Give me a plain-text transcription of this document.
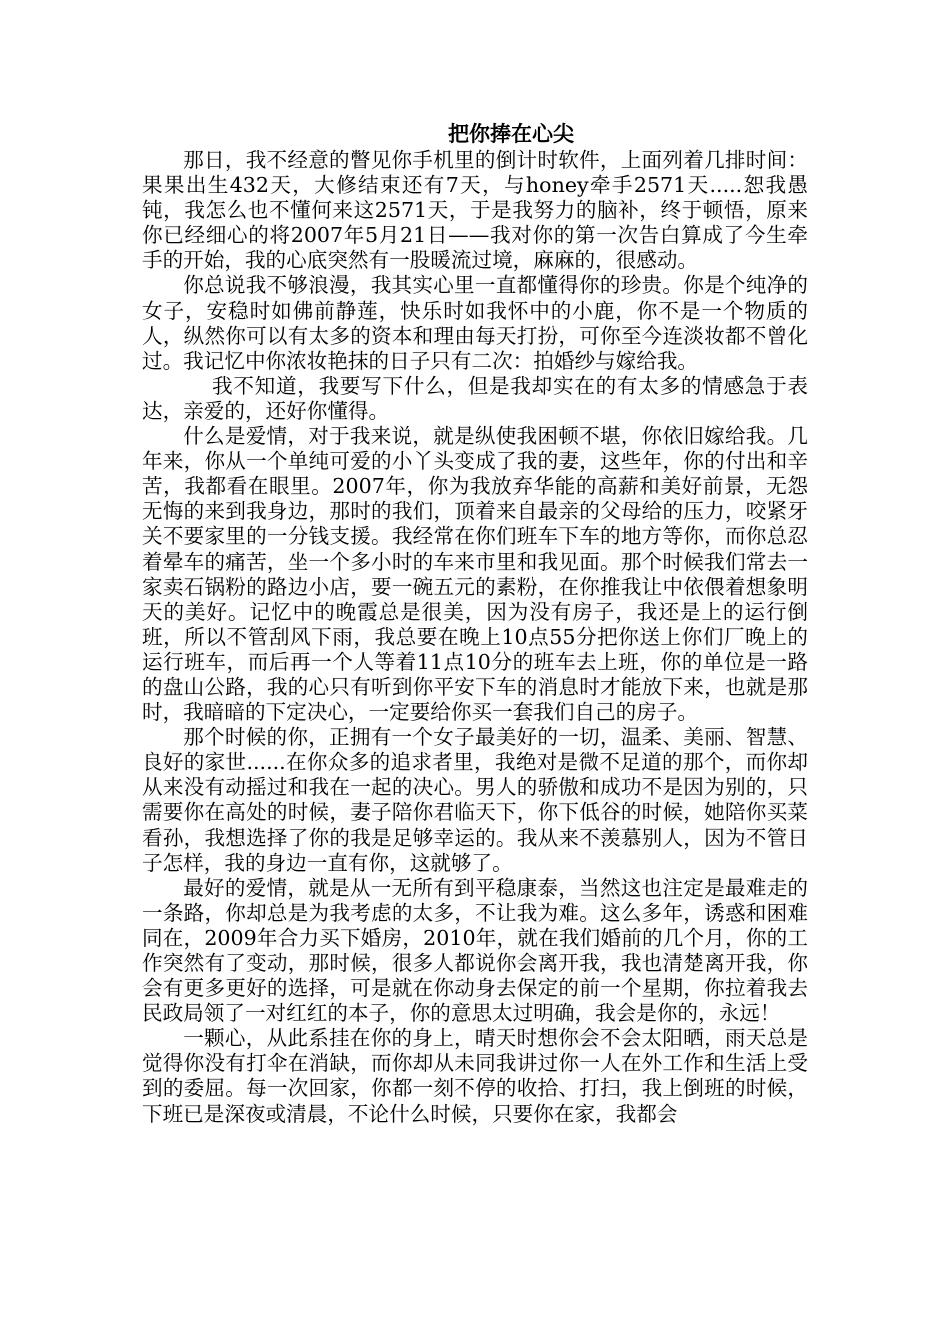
把你捧在心尖

那日，我不经意的瞥见你手机里的倒计时软件，上面列着几排时间：果果出生432天，大修结束还有7天，与honey牵手2571天.....恕我愚钝，我怎么也不懂何来这2571天，于是我努力的脑补，终于顿悟，原来你已经细心的将2007年5月21日——我对你的第一次告白算成了今生牵手的开始，我的心底突然有一股暖流过境，麻麻的，很感动。

你总说我不够浪漫，我其实心里一直都懂得你的珍贵。你是个纯净的女子，安稳时如佛前静莲，快乐时如我怀中的小鹿，你不是一个物质的人，纵然你可以有太多的资本和理由每天打扮，可你至今连淡妆都不曾化过。我记忆中你浓妆艳抹的日子只有二次：拍婚纱与嫁给我。

我不知道，我要写下什么，但是我却实在的有太多的情感急于表达，亲爱的，还好你懂得。

什么是爱情，对于我来说，就是纵使我困顿不堪，你依旧嫁给我。几年来，你从一个单纯可爱的小丫头变成了我的妻，这些年，你的付出和辛苦，我都看在眼里。2007年，你为我放弃华能的高薪和美好前景，无怨无悔的来到我身边，那时的我们，顶着来自最亲的父母给的压力，咬紧牙关不要家里的一分钱支援。我经常在你们班车下车的地方等你，而你总忍着晕车的痛苦，坐一个多小时的车来市里和我见面。那个时候我们常去一家卖石锅粉的路边小店，要一碗五元的素粉，在你推我让中依偎着想象明天的美好。记忆中的晚霞总是很美，因为没有房子，我还是上的运行倒班，所以不管刮风下雨，我总要在晚上10点55分把你送上你们厂晚上的运行班车，而后再一个人等着11点10分的班车去上班，你的单位是一路的盘山公路，我的心只有听到你平安下车的消息时才能放下来，也就是那时，我暗暗的下定决心，一定要给你买一套我们自己的房子。

那个时候的你，正拥有一个女子最美好的一切，温柔、美丽、智慧、良好的家世......在你众多的追求者里，我绝对是微不足道的那个，而你却从来没有动摇过和我在一起的决心。男人的骄傲和成功不是因为别的，只需要你在高处的时候，妻子陪你君临天下，你下低谷的时候，她陪你买菜看孙，我想选择了你的我是足够幸运的。我从来不羡慕别人，因为不管日子怎样，我的身边一直有你，这就够了。

最好的爱情，就是从一无所有到平稳康泰，当然这也注定是最难走的一条路，你却总是为我考虑的太多，不让我为难。这么多年，诱惑和困难同在，2009年合力买下婚房，2010年，就在我们婚前的几个月，你的工作突然有了变动，那时候，很多人都说你会离开我，我也清楚离开我，你会有更多更好的选择，可是就在你动身去保定的前一个星期，你拉着我去民政局领了一对红红的本子，你的意思太过明确，我会是你的，永远！

一颗心，从此系挂在你的身上，晴天时想你会不会太阳晒，雨天总是觉得你没有打伞在消缺，而你却从未同我讲过你一人在外工作和生活上受到的委屈。每一次回家，你都一刻不停的收拾、打扫，我上倒班的时候，下班已是深夜或清晨，不论什么时候，只要你在家，我都会
